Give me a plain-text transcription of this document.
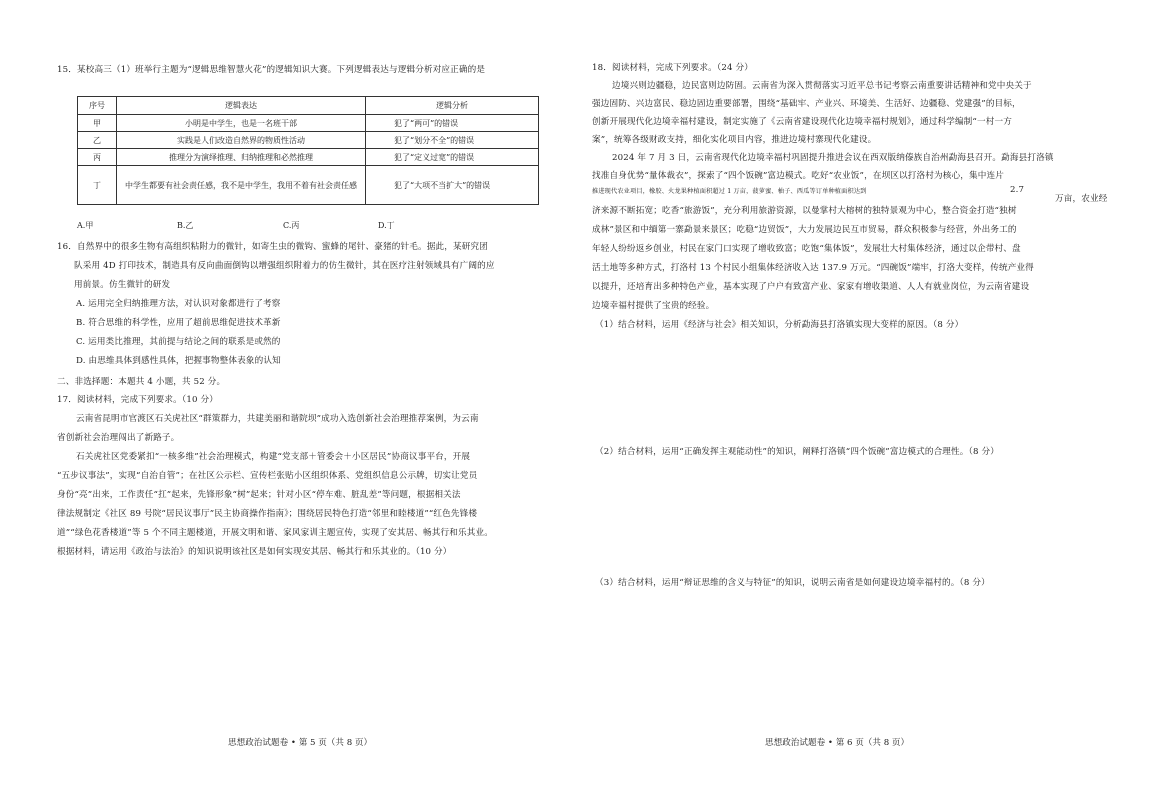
15．某校高三（1）班举行主题为“逻辑思维智慧火花”的逻辑知识大赛。下列逻辑表达与逻辑分析对应正确的是
序号	逻辑表达	逻辑分析
甲	小明是中学生，也是一名班干部	犯了“两可”的错误
乙	实践是人们改造自然界的物质性活动	犯了“划分不全”的错误
丙	推理分为演绎推理、归纳推理和必然推理	犯了“定义过宽”的错误
丁	中学生都要有社会责任感，我不是中学生，我用不着有社会责任感	犯了“大项不当扩大”的错误
A.甲	B.乙	C.丙	D.丁
16．自然界中的很多生物有高组织粘附力的微针，如寄生虫的微钩、蜜蜂的尾针、豪猪的针毛。据此，某研究团
队采用 4D 打印技术，制造具有反向曲面倒钩以增强组织附着力的仿生微针，其在医疗注射领域具有广阔的应
用前景。仿生微针的研发
A. 运用完全归纳推理方法，对认识对象都进行了考察
B. 符合思维的科学性，应用了超前思维促进技术革新
C. 运用类比推理，其前提与结论之间的联系是或然的
D. 由思维具体到感性具体，把握事物整体表象的认知
二、非选择题：本题共 4 小题，共 52 分。
17．阅读材料，完成下列要求。（10 分）
云南省昆明市官渡区石关虎社区“群策群力，共建美丽和谐院坝”成功入选创新社会治理推荐案例，为云南
省创新社会治理闯出了新路子。
石关虎社区党委紧扣“一核多维”社会治理模式，构建“党支部＋管委会＋小区居民”协商议事平台，开展
“五步议事法”，实现“自治自管”；在社区公示栏、宣传栏张贴小区组织体系、党组织信息公示牌，切实让党员
身份“亮”出来，工作责任“扛”起来，先锋形象“树”起来；针对小区“停车难、脏乱差”等问题，根据相关法
律法规制定《社区 89 号院“居民议事厅”民主协商操作指南》；围绕居民特色打造“邻里和睦楼道”“红色先锋楼
道”“绿色花香楼道”等 5 个不同主题楼道，开展文明和谐、家风家训主题宣传，实现了安其居、畅其行和乐其业。
根据材料，请运用《政治与法治》的知识说明该社区是如何实现安其居、畅其行和乐其业的。（10 分）
思想政治试题卷 • 第 5 页（共 8 页）
18．阅读材料，完成下列要求。（24 分）
边境兴则边疆稳，边民富则边防固。云南省为深入贯彻落实习近平总书记考察云南重要讲话精神和党中央关于
强边固防、兴边富民、稳边固边重要部署，围绕“基础牢、产业兴、环境美、生活好、边疆稳、党建强”的目标，
创新开展现代化边境幸福村建设，制定实施了《云南省建设现代化边境幸福村规划》，通过科学编制“一村一方
案”，统筹各级财政支持，细化实化项目内容，推进边境村寨现代化建设。
2024 年 7 月 3 日，云南省现代化边境幸福村巩固提升推进会议在西双版纳傣族自治州勐海县召开。勐海县打洛镇
找准自身优势“量体裁衣”，探索了“四个饭碗”富边模式。吃好“农业饭”，在坝区以打洛村为核心，集中连片
推进现代农业项目，橡胶、火龙果种植面积超过 1 万亩，菠萝蜜、柚子、西瓜等订单种植面积达到	2.7
万亩，农业经
济来源不断拓宽；吃香“旅游饭”，充分利用旅游资源，以曼掌村大榕树的独特景观为中心，整合资金打造“独树
成林”景区和中缅第一寨勐景来景区；吃稳“边贸饭”，大力发展边民互市贸易，群众积极参与经营，外出务工的
年轻人纷纷返乡创业，村民在家门口实现了增收致富；吃饱“集体饭”，发展壮大村集体经济，通过以企带村、盘
活土地等多种方式，打洛村 13 个村民小组集体经济收入达 137.9 万元。“四碗饭”端牢，打洛大变样，传统产业得
以提升，还培育出多种特色产业，基本实现了户户有致富产业、家家有增收渠道、人人有就业岗位，为云南省建设
边境幸福村提供了宝贵的经验。
（1）结合材料，运用《经济与社会》相关知识，分析勐海县打洛镇实现大变样的原因。（8 分）
（2）结合材料，运用“正确发挥主观能动性”的知识，阐释打洛镇“四个饭碗”富边模式的合理性。（8 分）
（3）结合材料，运用“辩证思维的含义与特征”的知识，说明云南省是如何建设边境幸福村的。（8 分）
思想政治试题卷 • 第 6 页（共 8 页）
